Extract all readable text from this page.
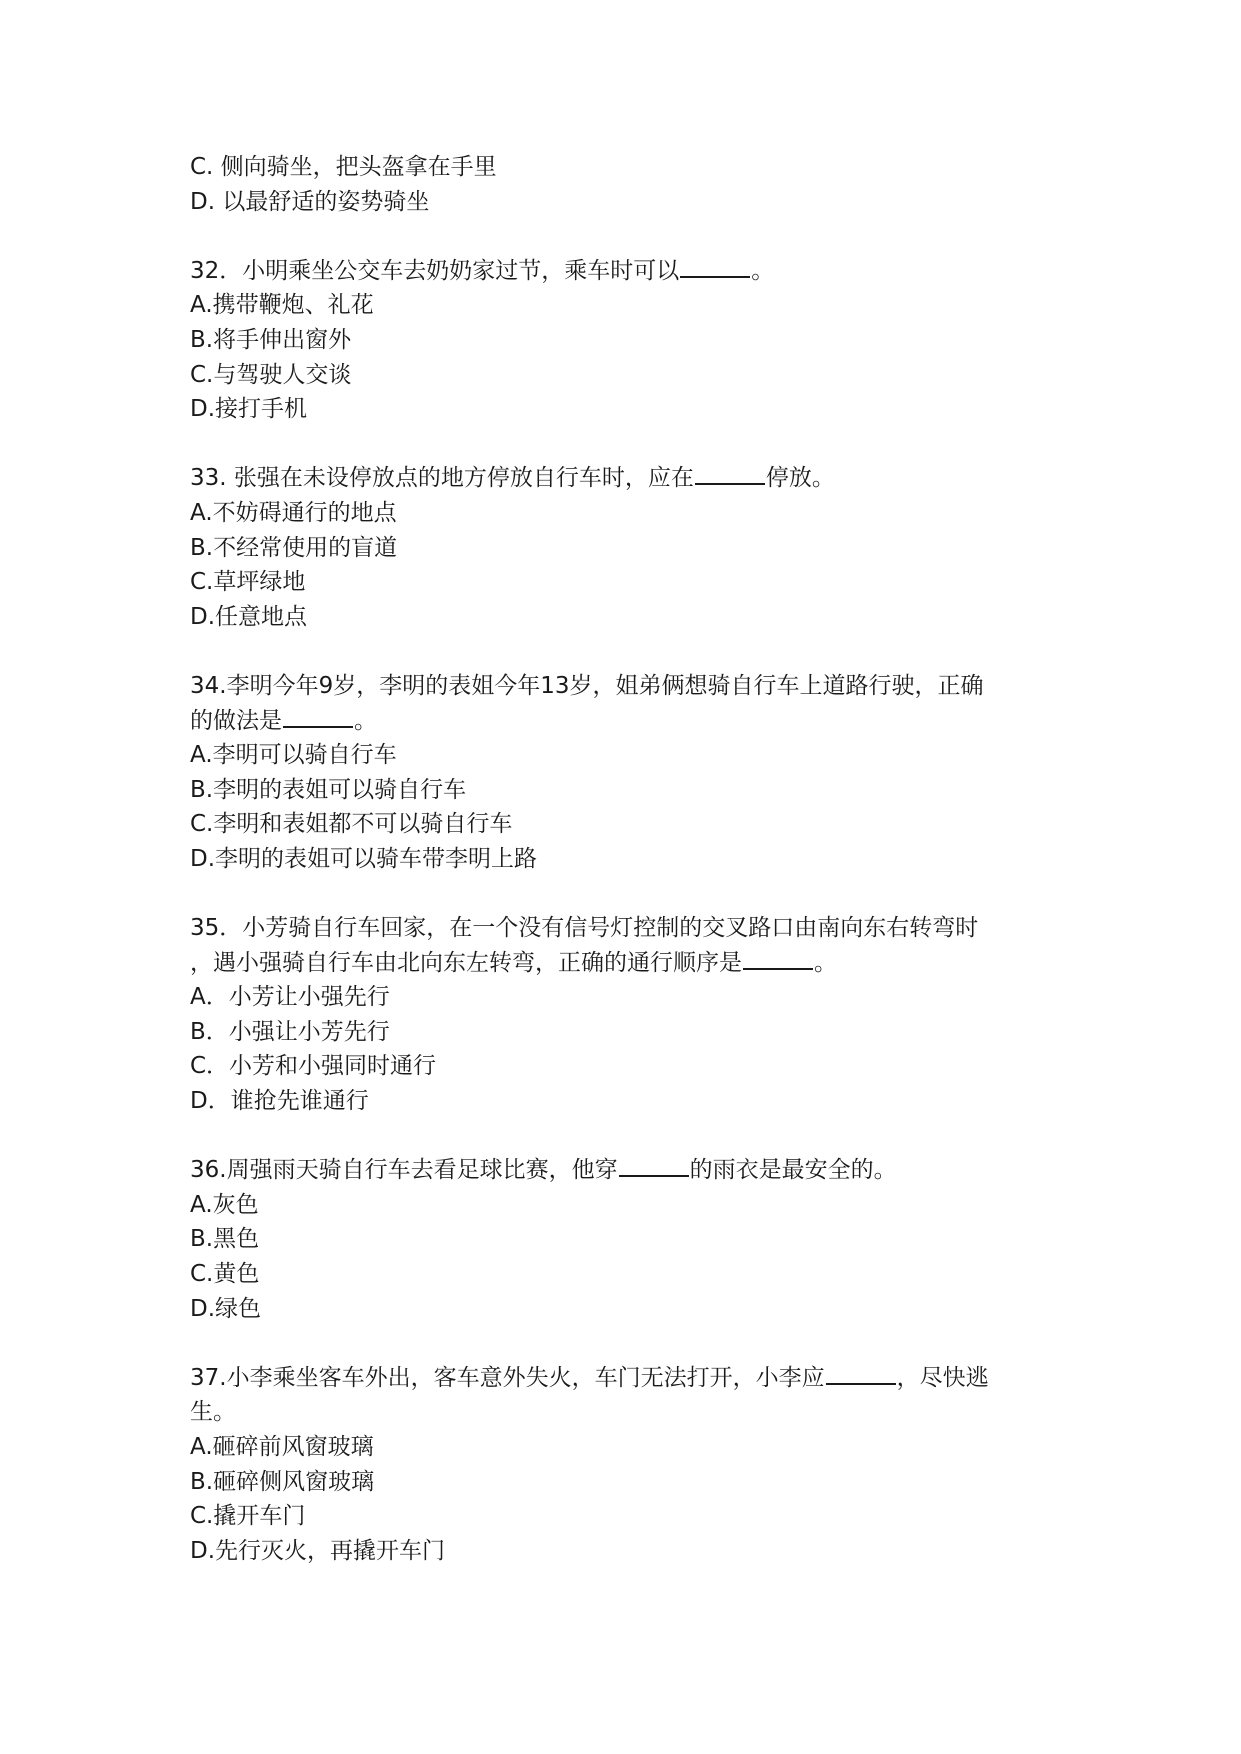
C. 侧向骑坐，把头盔拿在手里
D. 以最舒适的姿势骑坐
32．小明乘坐公交车去奶奶家过节，乘车时可以	。
A.携带鞭炮、礼花
B.将手伸出窗外
C.与驾驶人交谈
D.接打手机
33. 张强在未设停放点的地方停放自行车时，应在	停放。
A.不妨碍通行的地点
B.不经常使用的盲道
C.草坪绿地
D.任意地点
34.李明今年9岁，李明的表姐今年13岁，姐弟俩想骑自行车上道路行驶，正确
的做法是	。
A.李明可以骑自行车
B.李明的表姐可以骑自行车
C.李明和表姐都不可以骑自行车
D.李明的表姐可以骑车带李明上路
35．小芳骑自行车回家，在一个没有信号灯控制的交叉路口由南向东右转弯时
，遇小强骑自行车由北向东左转弯，正确的通行顺序是	。
A．小芳让小强先行
B．小强让小芳先行
C．小芳和小强同时通行
D．谁抢先谁通行
36.周强雨天骑自行车去看足球比赛，他穿	的雨衣是最安全的。
A.灰色
B.黑色
C.黄色
D.绿色
37.小李乘坐客车外出，客车意外失火，车门无法打开，小李应	，尽快逃
生。
A.砸碎前风窗玻璃
B.砸碎侧风窗玻璃
C.撬开车门
D.先行灭火，再撬开车门
